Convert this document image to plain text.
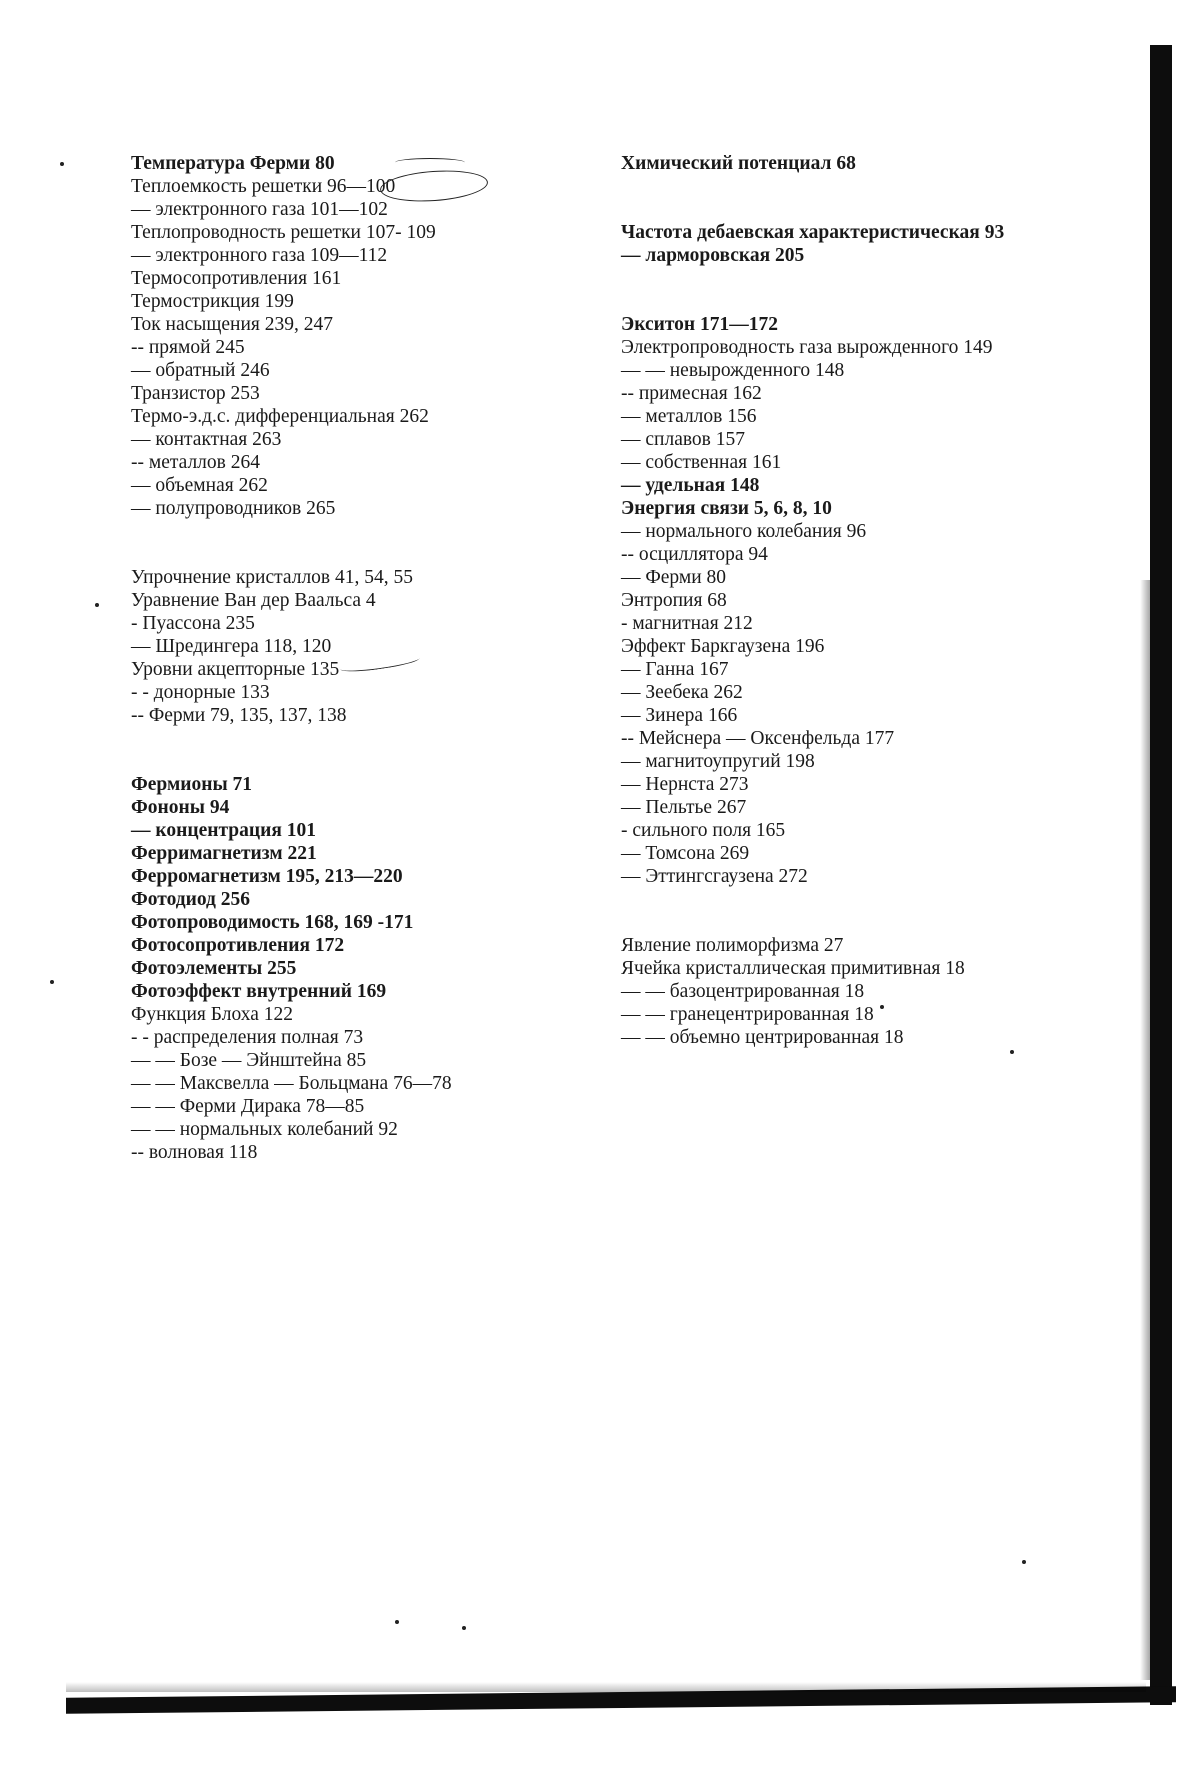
Температура Ферми 80

Теплоемкость решетки 96—100

— электронного газа 101—102

Теплопроводность решетки 107- 109

— электронного газа 109—112

Термосопротивления 161

Термострикция 199

Ток насыщения 239, 247

-- прямой 245

— обратный 246

Транзистор 253

Термо-э.д.с. дифференциальная 262

— контактная 263

-- металлов 264

— объемная 262

— полупроводников 265

Упрочнение кристаллов 41, 54, 55

Уравнение Ван дер Ваальса 4

- Пуассона 235

— Шредингера 118, 120

Уровни акцепторные 135

- - донорные 133

-- Ферми 79, 135, 137, 138

Фермионы 71

Фононы 94

— концентрация 101

Ферримагнетизм 221

Ферромагнетизм 195, 213—220

Фотодиод 256

Фотопроводимость 168, 169 -171

Фотосопротивления 172

Фотоэлементы 255

Фотоэффект внутренний 169

Функция Блоха 122

- - распределения полная 73

— — Бозе — Эйнштейна 85

— — Максвелла — Больцмана 76—78

— — Ферми Дирака 78—85

— — нормальных колебаний 92

-- волновая 118

Химический потенциал 68

Частота дебаевская характеристическая 93

— ларморовская 205

Экситон 171—172

Электропроводность газа вырожденного 149

— — невырожденного 148

-- примесная 162

— металлов 156

— сплавов 157

— собственная 161

— удельная 148

Энергия связи 5, 6, 8, 10

— нормального колебания 96

-- осциллятора 94

— Ферми 80

Энтропия 68

- магнитная 212

Эффект Баркгаузена 196

— Ганна 167

— Зеебека 262

— Зинера 166

-- Мейснера — Оксенфельда 177

— магнитоупругий 198

— Нернста 273

— Пельтье 267

- сильного поля 165

— Томсона 269

— Эттингсгаузена 272

Явление полиморфизма 27

Ячейка кристаллическая примитивная 18

— — базоцентрированная 18

— — гранецентрированная 18

— — объемно центрированная 18
